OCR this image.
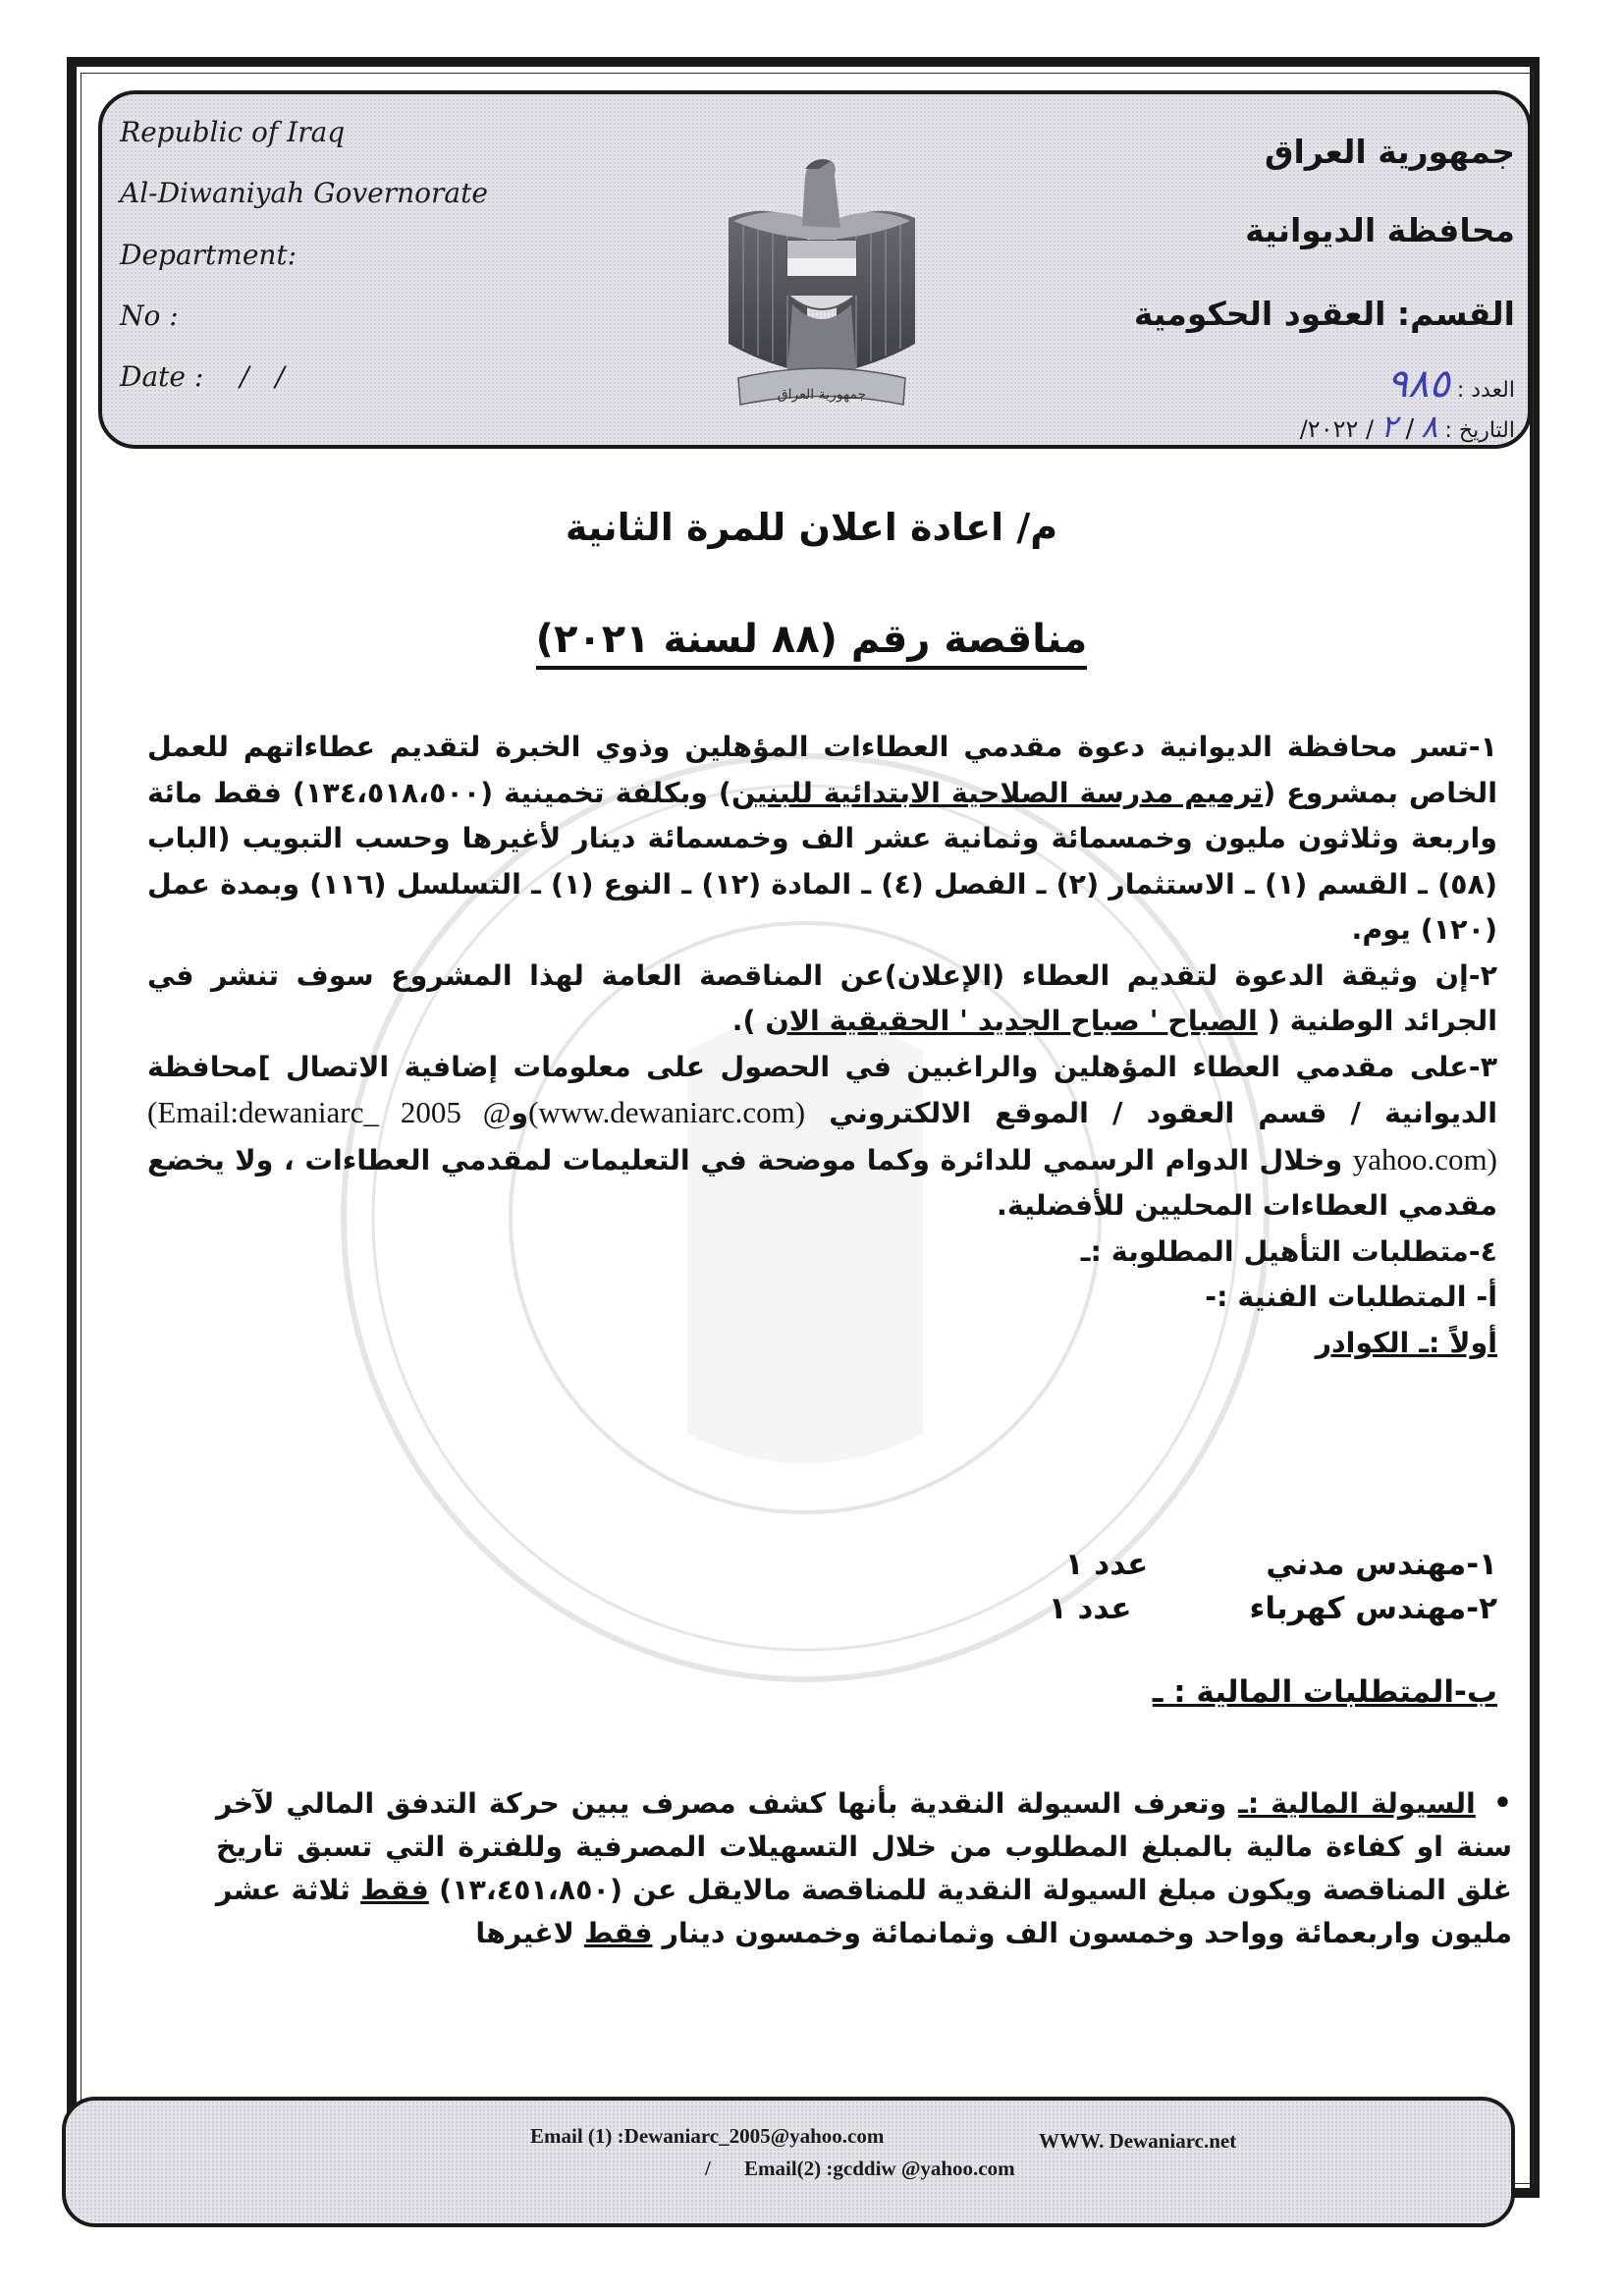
Republic of Iraq
Al-Diwaniyah Governorate
Department:
No :
Date : /   /
جمهورية العراق
محافظة الديوانية
القسم: العقود الحكومية
العدد : ٩٨٥
التاريخ : ٨ / ٢ / ٢٠٢٢/
جمهورية العراق
م/ اعادة اعلان للمرة الثانية
مناقصة رقم (٨٨ لسنة ٢٠٢١)

١-تسر محافظة الديوانية دعوة مقدمي العطاءات المؤهلين وذوي الخبرة لتقديم عطاءاتهم للعمل الخاص بمشروع (ترميم مدرسة الصلاحية الابتدائية للبنين) وبكلفة تخمينية (١٣٤،٥١٨،٥٠٠) فقط مائة واربعة وثلاثون مليون وخمسمائة وثمانية عشر الف وخمسمائة دينار لأغيرها وحسب التبويب (الباب (٥٨) ـ القسم (١) ـ الاستثمار (٢) ـ الفصل (٤) ـ المادة (١٢) ـ النوع (١) ـ التسلسل (١١٦) وبمدة عمل (١٢٠) يوم.

٢-إن وثيقة الدعوة لتقديم العطاء (الإعلان)عن المناقصة العامة لهذا المشروع سوف تنشر في الجرائد الوطنية ( الصباح ' صباح الجديد ' الحقيقية الان ).

٣-على مقدمي العطاء المؤهلين والراغبين في الحصول على معلومات إضافية الاتصال ]محافظة الديوانية / قسم العقود / الموقع الالكتروني (www.dewaniarc.com)و(Email:dewaniarc_ 2005 @ yahoo.com) وخلال الدوام الرسمي للدائرة وكما موضحة في التعليمات لمقدمي العطاءات ، ولا يخضع مقدمي العطاءات المحليين للأفضلية.

٤-متطلبات التأهيل المطلوبة :ـ

أ- المتطلبات الفنية :-

أولاً :ـ الكوادر

١-مهندس مدنيعدد ١
٢-مهندس كهرباءعدد ١
ب-المتطلبات المالية : ـ

•السيولة المالية :ـ وتعرف السيولة النقدية بأنها كشف مصرف يبين حركة التدفق المالي لآخر سنة او كفاءة مالية بالمبلغ المطلوب من خلال التسهيلات المصرفية وللفترة التي تسبق تاريخ غلق المناقصة ويكون مبلغ السيولة النقدية للمناقصة مالايقل عن (١٣،٤٥١،٨٥٠) فقط ثلاثة عشر مليون واربعمائة وواحد وخمسون الف وثمانمائة وخمسون دينار فقط لاغيرها

Email (1) :Dewaniarc_2005@yahoo.com	WWW. Dewaniarc.net
/ Email(2) :gcddiw @yahoo.com
